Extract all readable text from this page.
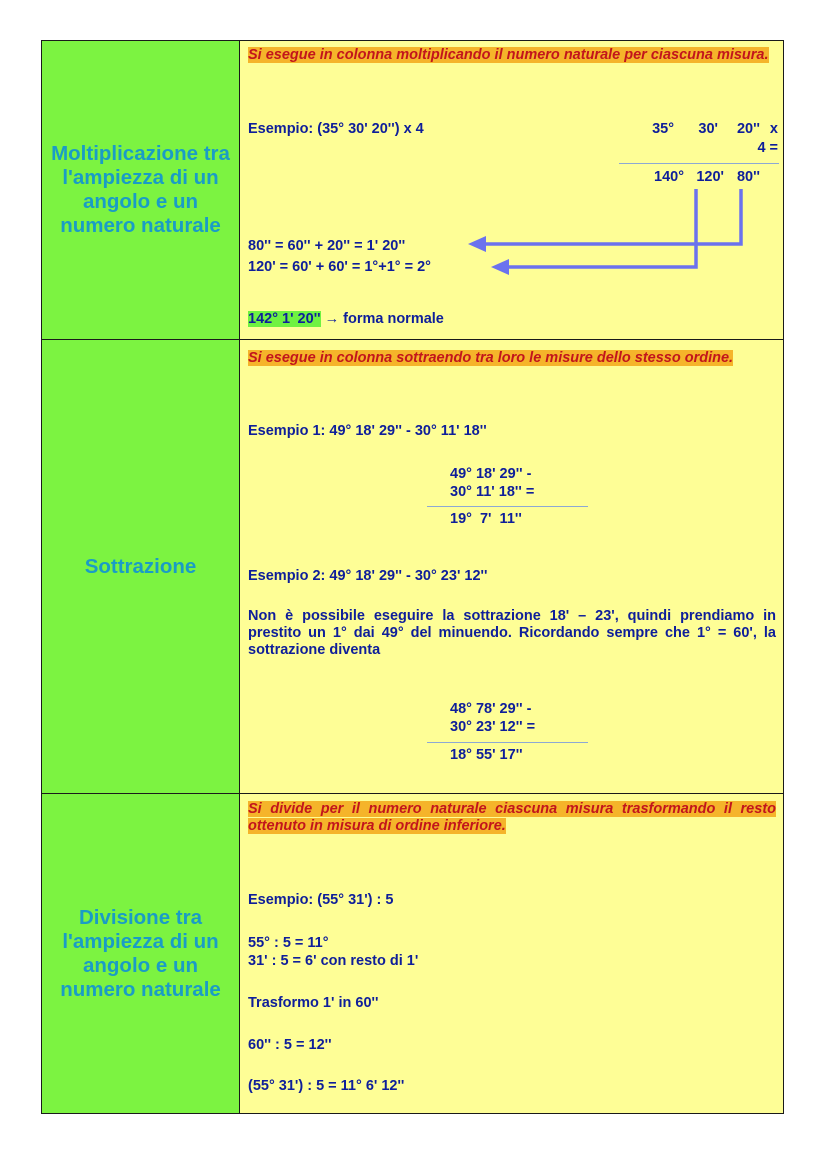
Moltiplicazione tra l'ampiezza di un angolo e un numero naturale
Si esegue in colonna moltiplicando il numero naturale per ciascuna misura.
Esempio: (35° 30' 20'') x 4	35°	30'	20'' x
4 =
140° 120' 80''
80'' = 60'' + 20'' = 1' 20''
120' = 60' + 60' = 1°+1° = 2°
142° 1' 20'' → forma normale
Sottrazione
Si esegue in colonna sottraendo tra loro le misure dello stesso ordine.
Esempio 1: 49° 18' 29'' - 30° 11' 18''
49° 18' 29'' -
30° 11' 18'' =
19°  7'  11''
Esempio 2: 49° 18' 29'' - 30° 23' 12''
Non è possibile eseguire la sottrazione 18' – 23', quindi prendiamo in prestito un 1° dai 49° del minuendo. Ricordando sempre che 1° = 60', la sottrazione diventa
48° 78' 29'' -
30° 23' 12'' =
18° 55' 17''
Divisione tra l'ampiezza di un angolo e un numero naturale
Si divide per il numero naturale ciascuna misura trasformando il resto ottenuto in misura di ordine inferiore.
Esempio: (55° 31') : 5
55° : 5 = 11°
31' : 5 = 6' con resto di 1'
Trasformo 1' in 60''
60'' : 5 = 12''
(55° 31') : 5 = 11° 6' 12''
